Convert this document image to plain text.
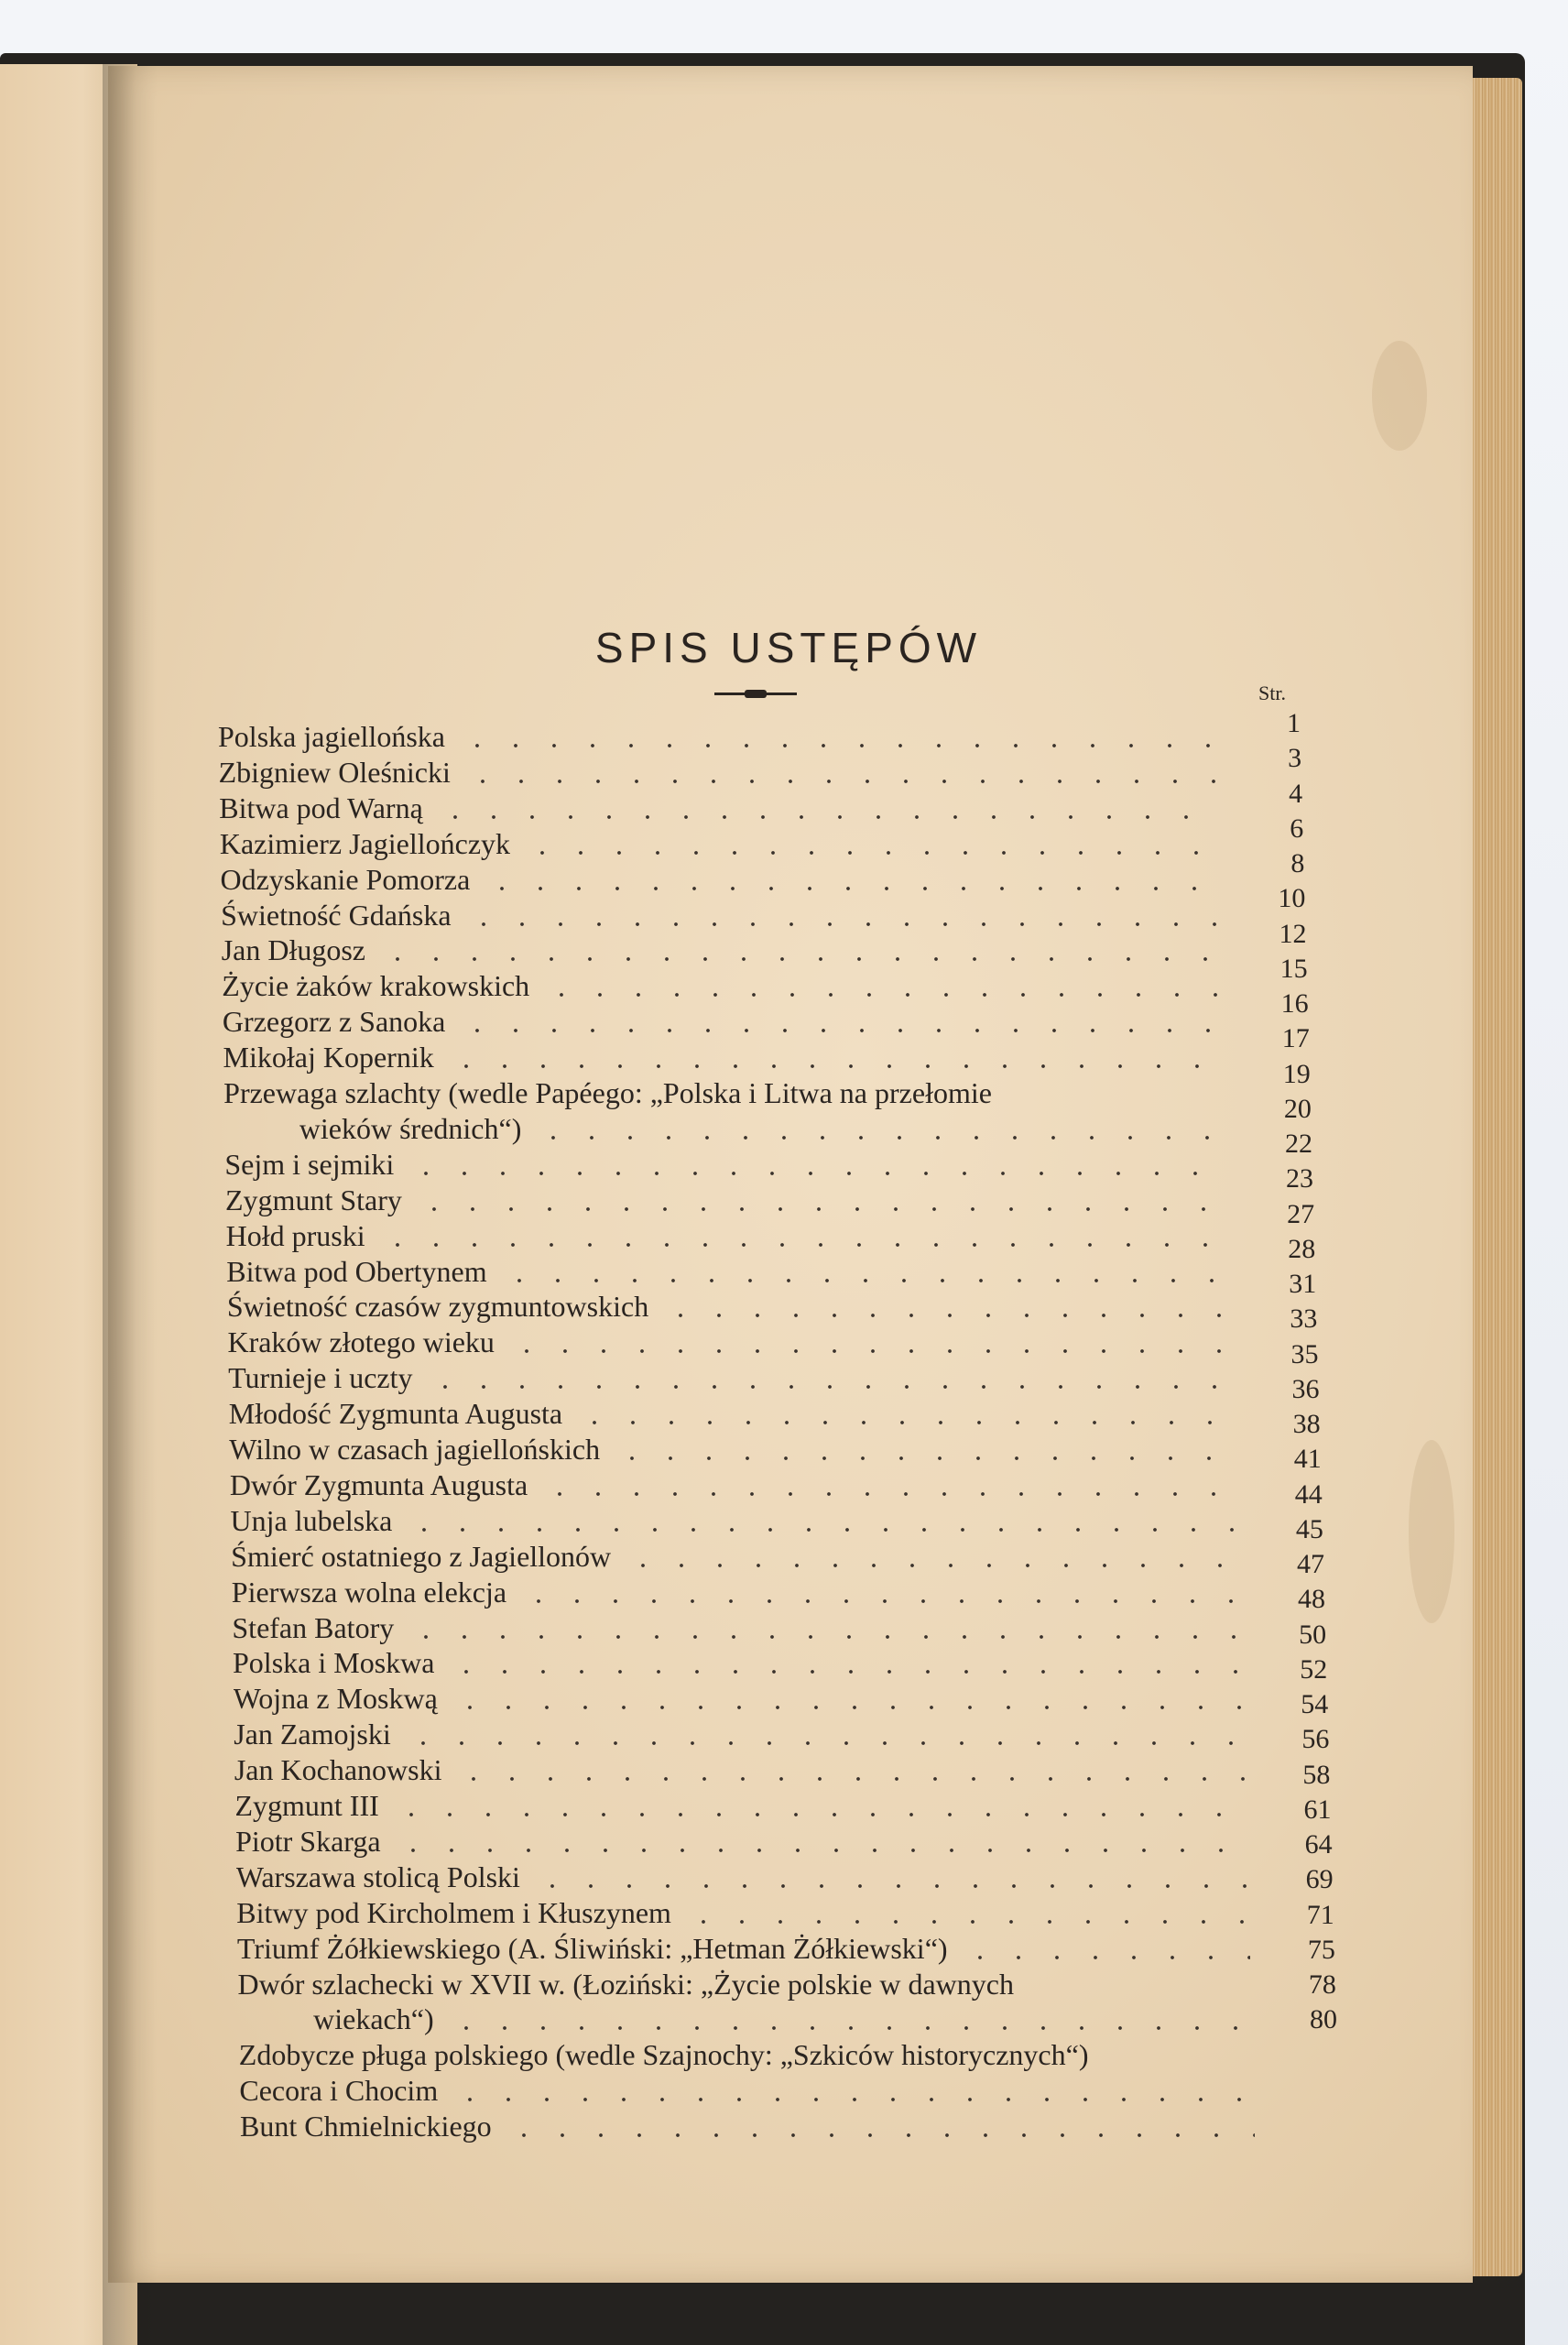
SPIS USTĘPÓW
Str.
Polska jagiellońska
Zbigniew Oleśnicki
Bitwa pod Warną
Kazimierz Jagiellończyk
Odzyskanie Pomorza
Świetność Gdańska
Jan Długosz
Życie żaków krakowskich
Grzegorz z Sanoka
Mikołaj Kopernik
Przewaga szlachty (wedle Papéego: „Polska i Litwa na przełomie
wieków średnich“)
Sejm i sejmiki
Zygmunt Stary
Hołd pruski
Bitwa pod Obertynem
Świetność czasów zygmuntowskich
Kraków złotego wieku
Turnieje i uczty
Młodość Zygmunta Augusta
Wilno w czasach jagiellońskich
Dwór Zygmunta Augusta
Unja lubelska
Śmierć ostatniego z Jagiellonów
Pierwsza wolna elekcja
Stefan Batory
Polska i Moskwa
Wojna z Moskwą
Jan Zamojski
Jan Kochanowski
Zygmunt III
Piotr Skarga
Warszawa stolicą Polski
Bitwy pod Kircholmem i Kłuszynem
Triumf Żółkiewskiego (A. Śliwiński: „Hetman Żółkiewski“)
Dwór szlachecki w XVII w. (Łoziński: „Życie polskie w dawnych
wiekach“)
Zdobycze pługa polskiego (wedle Szajnochy: „Szkiców historycznych“)
Cecora i Chocim
Bunt Chmielnickiego
1
3
4
6
8
10
12
15
16
17
19
20
22
23
27
28
31
33
35
36
38
41
44
45
47
48
50
52
54
56
58
61
64
69
71
75
78
80
